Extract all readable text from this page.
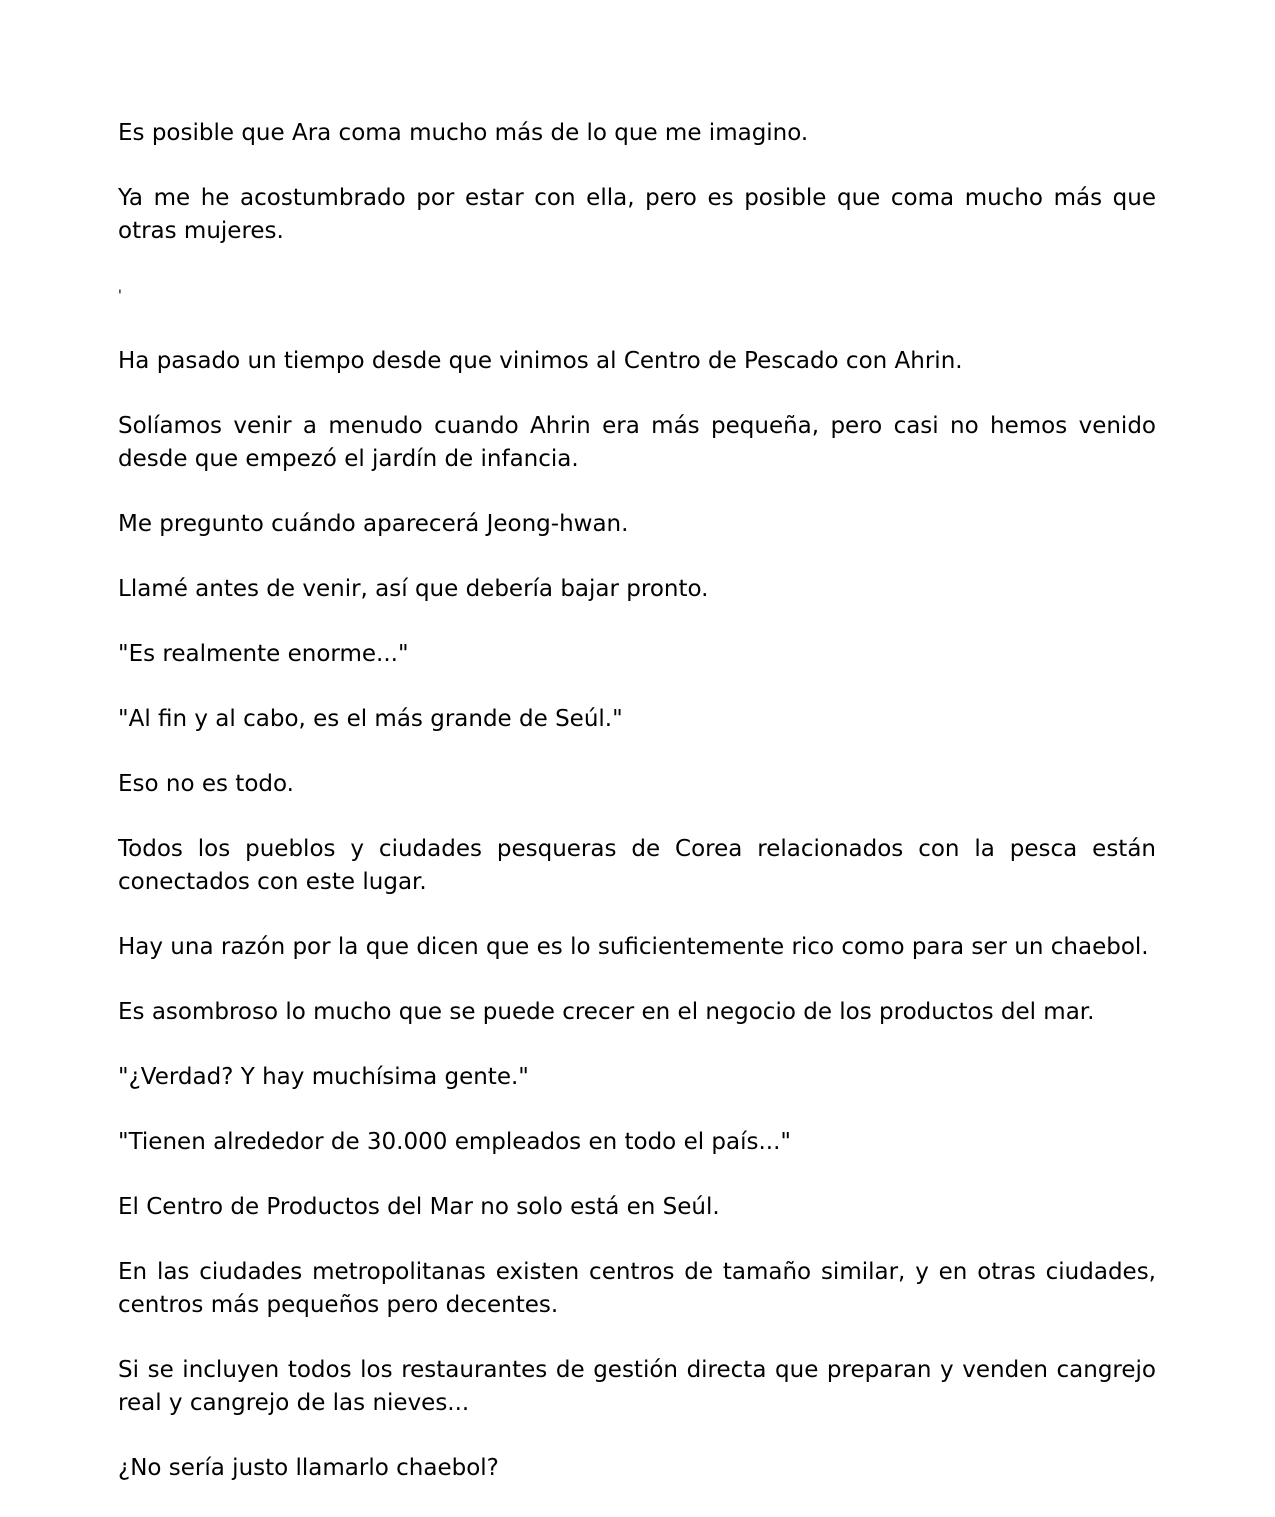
Es posible que Ara coma mucho más de lo que me imagino.

Ya me he acostumbrado por estar con ella, pero es posible que coma mucho más que otras mujeres.

'

Ha pasado un tiempo desde que vinimos al Centro de Pescado con Ahrin.

Solíamos venir a menudo cuando Ahrin era más pequeña, pero casi no hemos venido desde que empezó el jardín de infancia.

Me pregunto cuándo aparecerá Jeong-hwan.

Llamé antes de venir, así que debería bajar pronto.

"Es realmente enorme..."

"Al fin y al cabo, es el más grande de Seúl."

Eso no es todo.

Todos los pueblos y ciudades pesqueras de Corea relacionados con la pesca están conectados con este lugar.

Hay una razón por la que dicen que es lo suficientemente rico como para ser un chaebol.

Es asombroso lo mucho que se puede crecer en el negocio de los productos del mar.

"¿Verdad? Y hay muchísima gente."

"Tienen alrededor de 30.000 empleados en todo el país..."

El Centro de Productos del Mar no solo está en Seúl.

En las ciudades metropolitanas existen centros de tamaño similar, y en otras ciudades, centros más pequeños pero decentes.

Si se incluyen todos los restaurantes de gestión directa que preparan y venden cangrejo real y cangrejo de las nieves...

¿No sería justo llamarlo chaebol?
